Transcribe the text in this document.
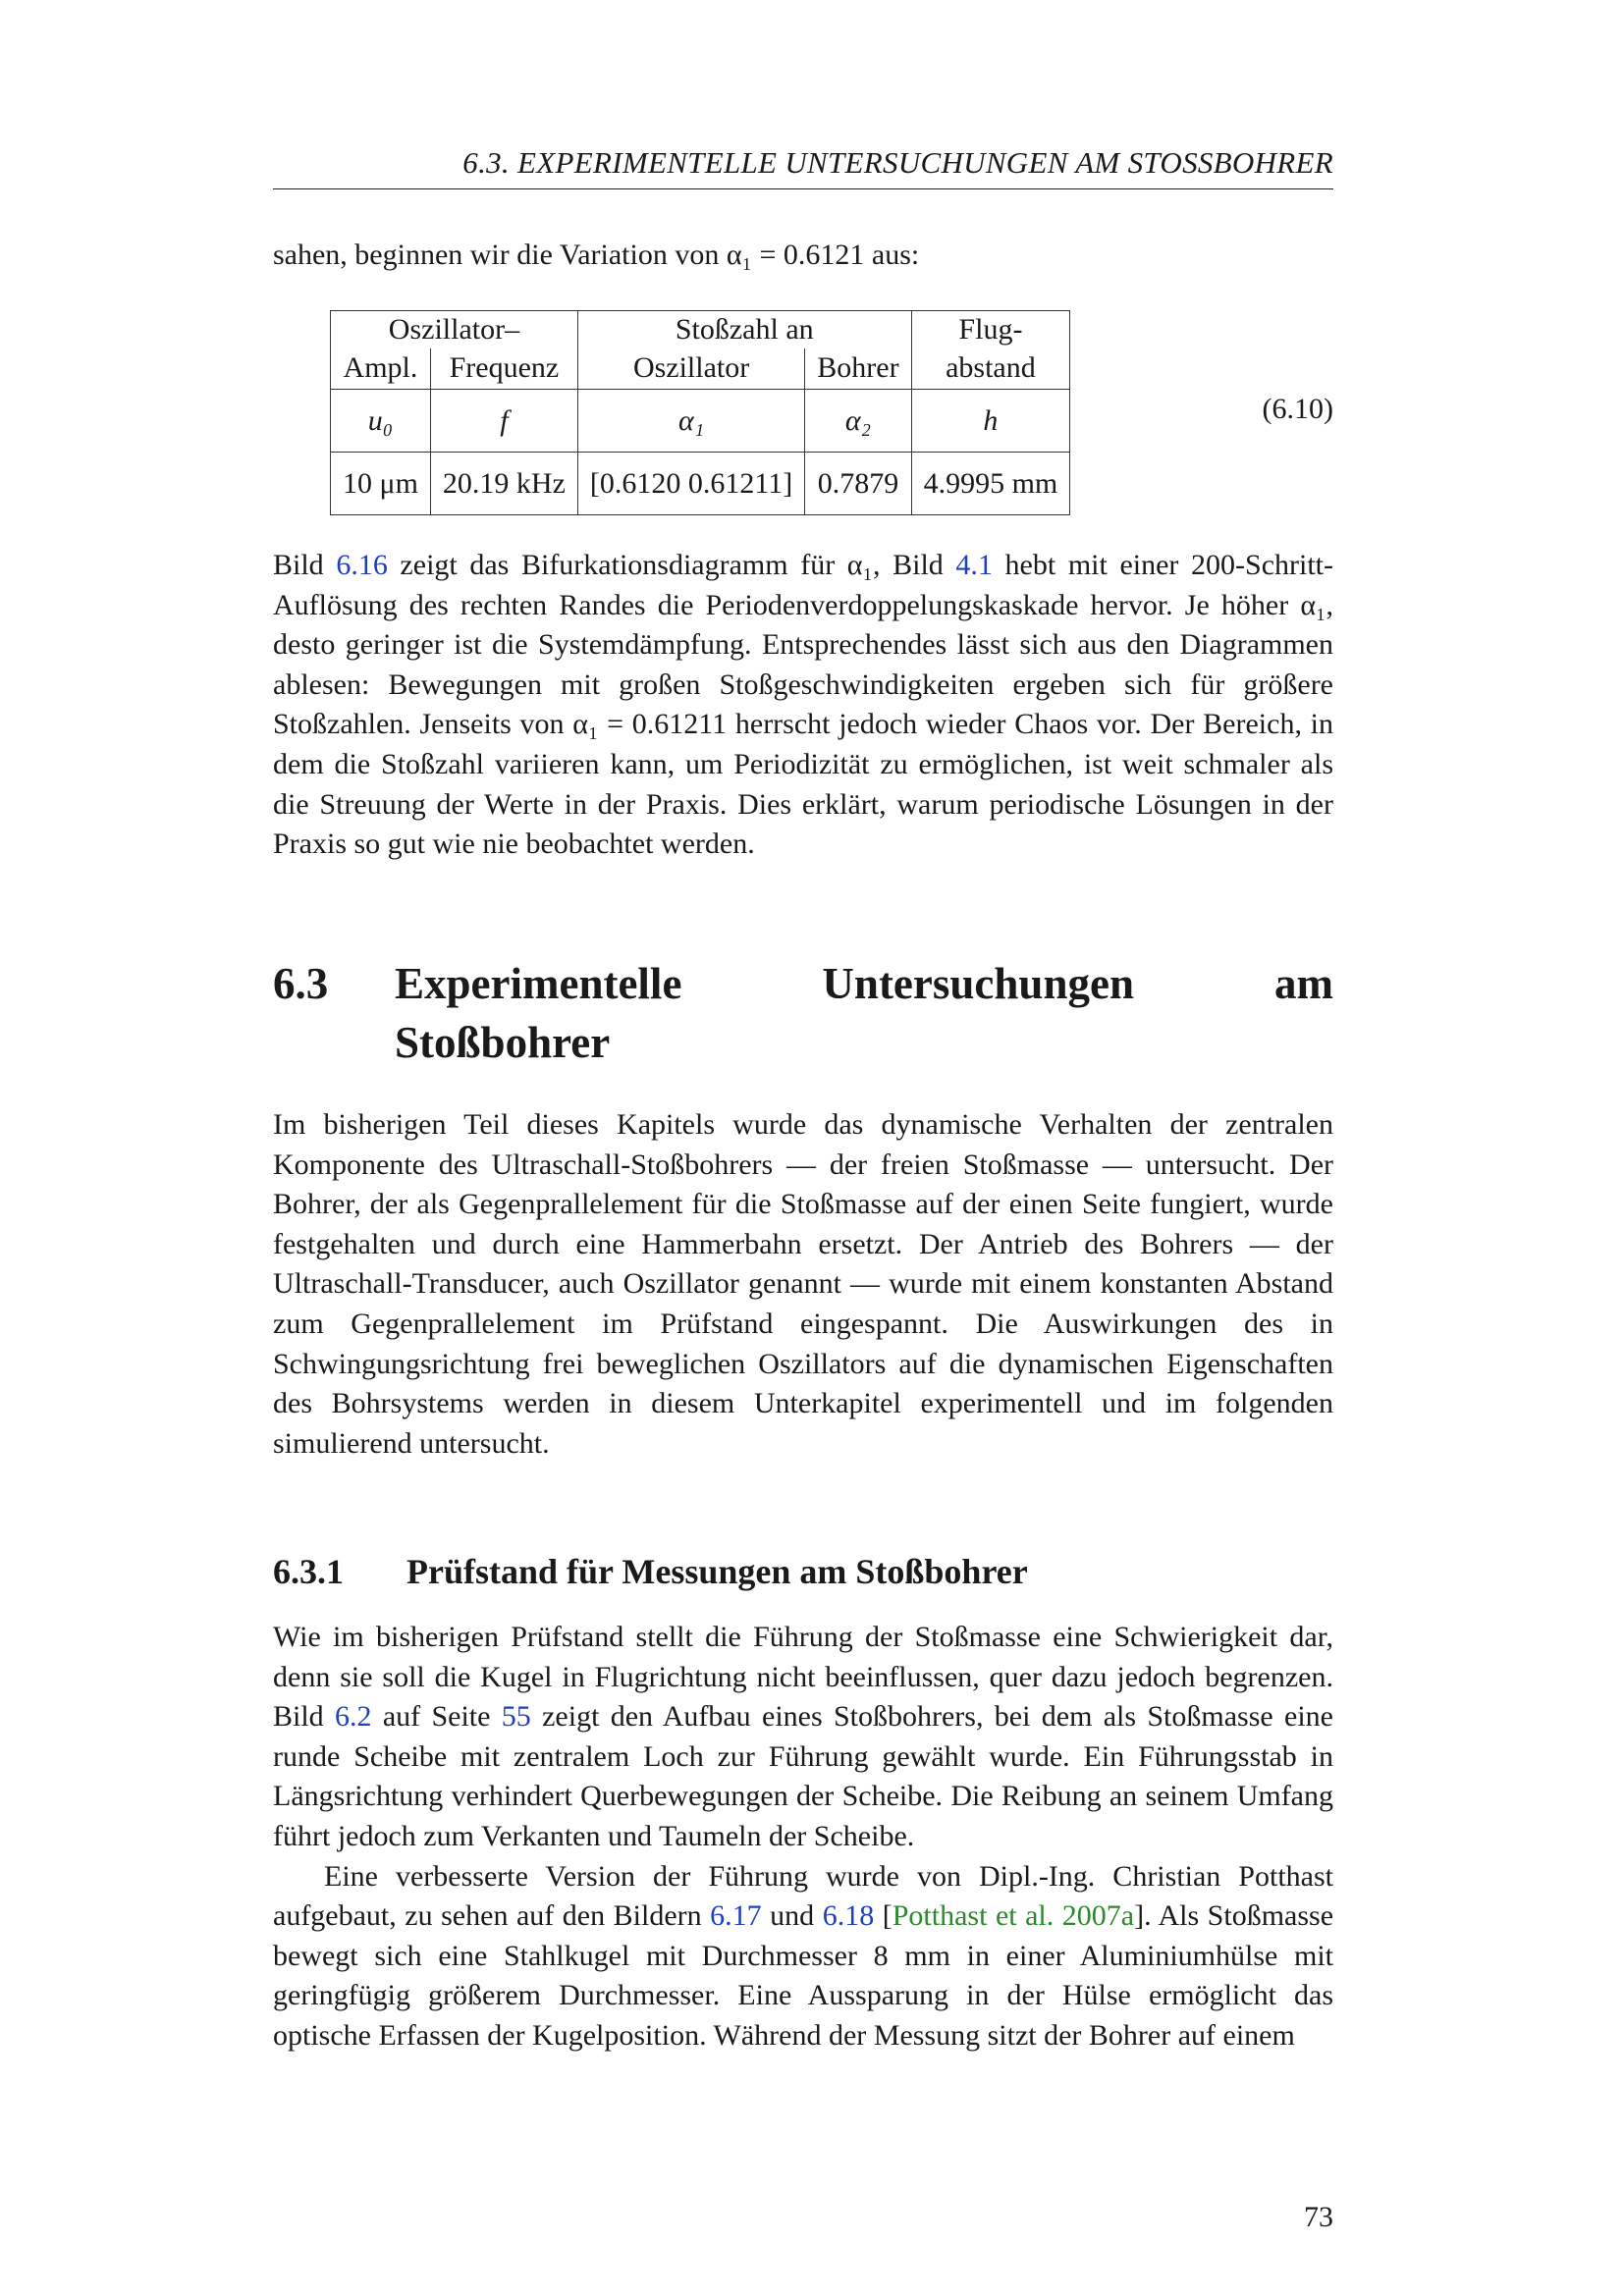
6.3. EXPERIMENTELLE UNTERSUCHUNGEN AM STOSSBOHRER

sahen, beginnen wir die Variation von α₁ = 0.6121 aus:

Oszillator–		Stoßzahl an		Flug-
Ampl.	Frequenz	Oszillator	Bohrer	abstand
u₀	f	α₁	α₂	h
10 μm	20.19 kHz	[0.6120 0.61211]	0.7879	4.9995 mm
(6.10)

Bild 6.16 zeigt das Bifurkationsdiagramm für α₁, Bild 4.1 hebt mit einer 200-Schritt-Auflösung des rechten Randes die Periodenverdoppelungskaskade hervor. Je höher α₁, desto geringer ist die Systemdämpfung. Entsprechendes lässt sich aus den Diagrammen ablesen: Bewegungen mit großen Stoßgeschwindigkeiten ergeben sich für größere Stoßzahlen. Jenseits von α₁ = 0.61211 herrscht jedoch wieder Chaos vor. Der Bereich, in dem die Stoßzahl variieren kann, um Periodizität zu ermöglichen, ist weit schmaler als die Streuung der Werte in der Praxis. Dies erklärt, warum periodische Lösungen in der Praxis so gut wie nie beobachtet werden.

6.3 Experimentelle	Untersuchungen	am
Stoßbohrer

Im bisherigen Teil dieses Kapitels wurde das dynamische Verhalten der zentralen Komponente des Ultraschall-Stoßbohrers — der freien Stoßmasse — untersucht. Der Bohrer, der als Gegenprallelement für die Stoßmasse auf der einen Seite fungiert, wurde festgehalten und durch eine Hammerbahn ersetzt. Der Antrieb des Bohrers — der Ultraschall-Transducer, auch Oszillator genannt — wurde mit einem konstanten Abstand zum Gegenprallelement im Prüfstand eingespannt. Die Auswirkungen des in Schwingungsrichtung frei beweglichen Oszillators auf die dynamischen Eigenschaften des Bohrsystems werden in diesem Unterkapitel experimentell und im folgenden simulierend untersucht.

6.3.1 Prüfstand für Messungen am Stoßbohrer

Wie im bisherigen Prüfstand stellt die Führung der Stoßmasse eine Schwierigkeit dar, denn sie soll die Kugel in Flugrichtung nicht beeinflussen, quer dazu jedoch begrenzen. Bild 6.2 auf Seite 55 zeigt den Aufbau eines Stoßbohrers, bei dem als Stoßmasse eine runde Scheibe mit zentralem Loch zur Führung gewählt wurde. Ein Führungsstab in Längsrichtung verhindert Querbewegungen der Scheibe. Die Reibung an seinem Umfang führt jedoch zum Verkanten und Taumeln der Scheibe.

Eine verbesserte Version der Führung wurde von Dipl.-Ing. Christian Potthast aufgebaut, zu sehen auf den Bildern 6.17 und 6.18 [Potthast et al. 2007a]. Als Stoßmasse bewegt sich eine Stahlkugel mit Durchmesser 8 mm in einer Aluminiumhülse mit geringfügig größerem Durchmesser. Eine Aussparung in der Hülse ermöglicht das optische Erfassen der Kugelposition. Während der Messung sitzt der Bohrer auf einem

73
